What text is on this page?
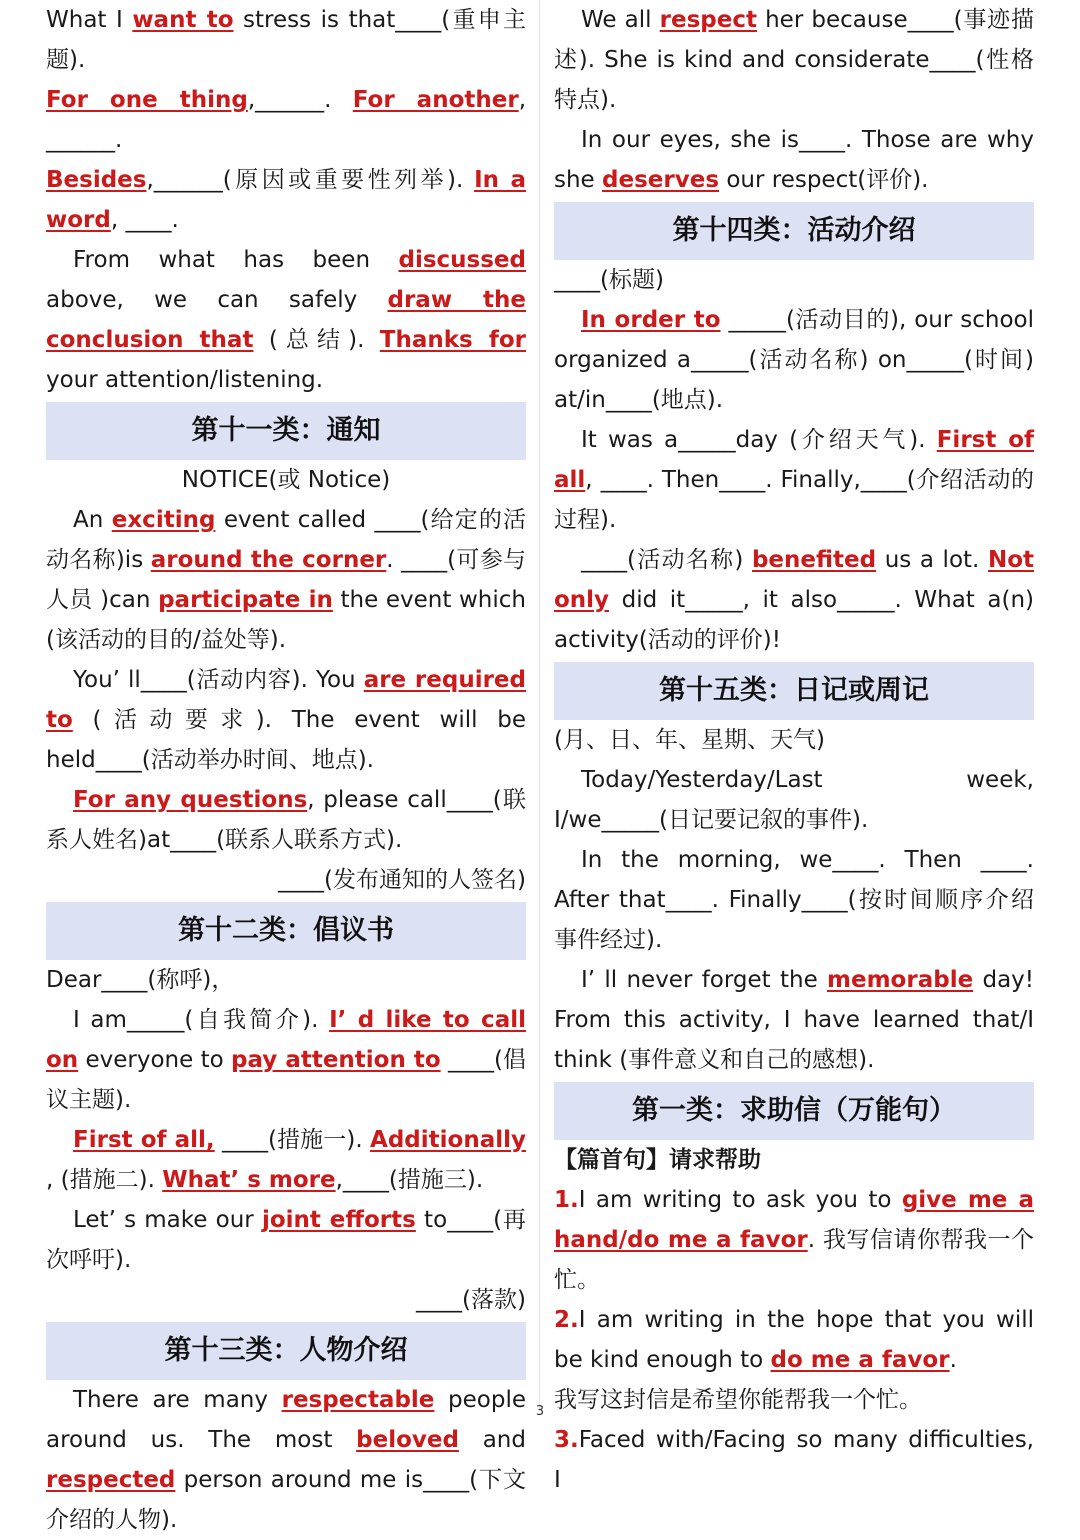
What I want to stress is that____(重申主题).

For one thing,______. For another, ______.

Besides,______(原因或重要性列举). In a word, ____.

From what has been discussed above, we can safely draw the conclusion that (总结). Thanks for your attention/listening.

第十一类：通知

NOTICE(或 Notice)

An exciting event called ____(给定的活动名称)is around the corner. ____(可参与人员 )can participate in the event which (该活动的目的/益处等).

You’ ll____(活动内容). You are required to (活动要求). The event will be held____(活动举办时间、地点).

For any questions, please call____(联系人姓名)at____(联系人联系方式).

____(发布通知的人签名)

第十二类：倡议书

Dear____(称呼)，

I am_____(自我简介). I’ d like to call on everyone to pay attention to ____(倡议主题).

First of all, ____(措施一). Additionally , (措施二). What’ s more,____(措施三).

Let’ s make our joint efforts to____(再次呼吁).

____(落款)

第十三类：人物介绍

There are many respectable people around us. The most beloved and respected person around me is____(下文介绍的人物).

We all respect her because____(事迹描述). She is kind and considerate____(性格特点).

In our eyes, she is____. Those are why she deserves our respect(评价).

第十四类：活动介绍

____(标题)

In order to _____(活动目的), our school organized a_____(活动名称) on_____(时间) at/in____(地点).

It was a_____day (介绍天气). First of all, ____. Then____. Finally,____(介绍活动的过程).

____(活动名称) benefited us a lot. Not only did it_____, it also_____. What a(n) activity(活动的评价)!

第十五类：日记或周记

(月、日、年、星期、天气)

Today/Yesterday/Last week, I/we_____(日记要记叙的事件).

In the morning, we____. Then ____. After that____. Finally____(按时间顺序介绍事件经过).

I’ ll never forget the memorable day! From this activity, I have learned that/I think (事件意义和自己的感想).

第一类：求助信（万能句）

【篇首句】请求帮助

1.I am writing to ask you to give me a hand/do me a favor. 我写信请你帮我一个忙。

2.I am writing in the hope that you will be kind enough to do me a favor.

我写这封信是希望你能帮我一个忙。

3.Faced with/Facing so many difficulties, I

3
